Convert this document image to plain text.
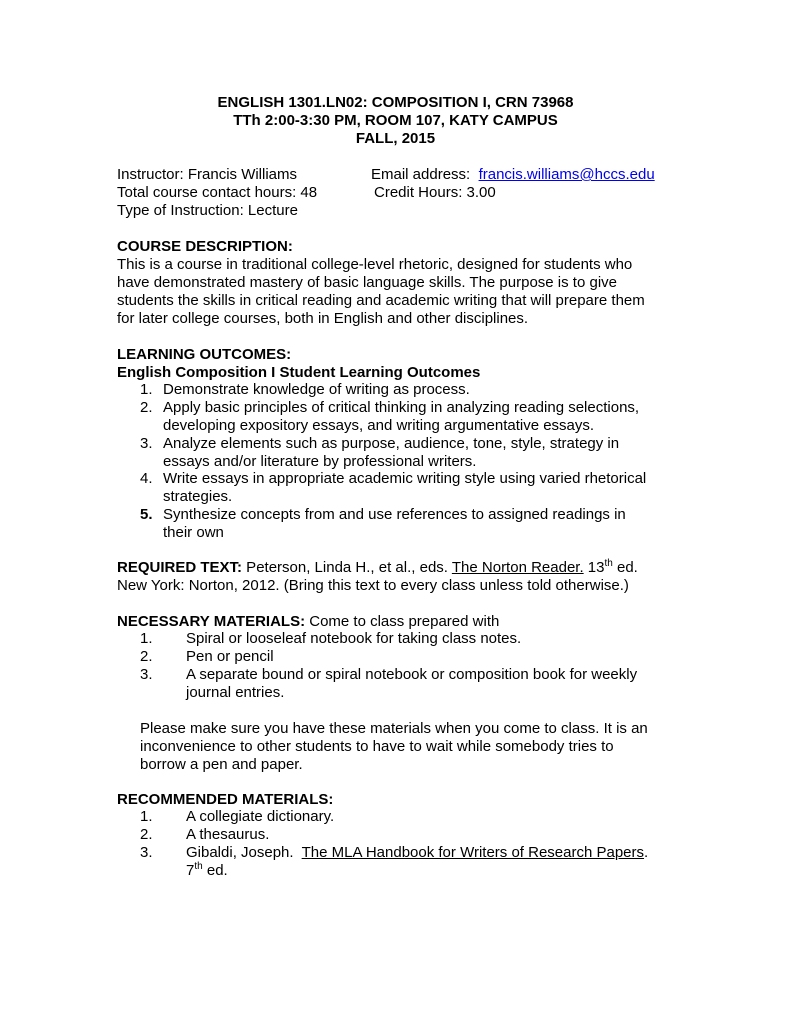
ENGLISH 1301.LN02: COMPOSITION I, CRN 73968
TTh 2:00-3:30 PM, ROOM 107, KATY CAMPUS
FALL, 2015
Instructor: Francis Williams	Email address: francis.williams@hccs.edu
Total course contact hours: 48	Credit Hours: 3.00
Type of Instruction: Lecture
COURSE DESCRIPTION:
This is a course in traditional college-level rhetoric, designed for students who
have demonstrated mastery of basic language skills. The purpose is to give
students the skills in critical reading and academic writing that will prepare them
for later college courses, both in English and other disciplines.
LEARNING OUTCOMES:
English Composition I Student Learning Outcomes
1. Demonstrate knowledge of writing as process.
2. Apply basic principles of critical thinking in analyzing reading selections,
developing expository essays, and writing argumentative essays.
3. Analyze elements such as purpose, audience, tone, style, strategy in
essays and/or literature by professional writers.
4. Write essays in appropriate academic writing style using varied rhetorical
strategies.
5. Synthesize concepts from and use references to assigned readings in
their own
REQUIRED TEXT: Peterson, Linda H., et al., eds. The Norton Reader. 13th ed.
New York: Norton, 2012. (Bring this text to every class unless told otherwise.)
NECESSARY MATERIALS: Come to class prepared with
1. Spiral or looseleaf notebook for taking class notes.
2. Pen or pencil
3. A separate bound or spiral notebook or composition book for weekly
journal entries.
Please make sure you have these materials when you come to class. It is an
inconvenience to other students to have to wait while somebody tries to
borrow a pen and paper.
RECOMMENDED MATERIALS:
1. A collegiate dictionary.
2. A thesaurus.
3. Gibaldi, Joseph.  The MLA Handbook for Writers of Research Papers.
7th ed.
